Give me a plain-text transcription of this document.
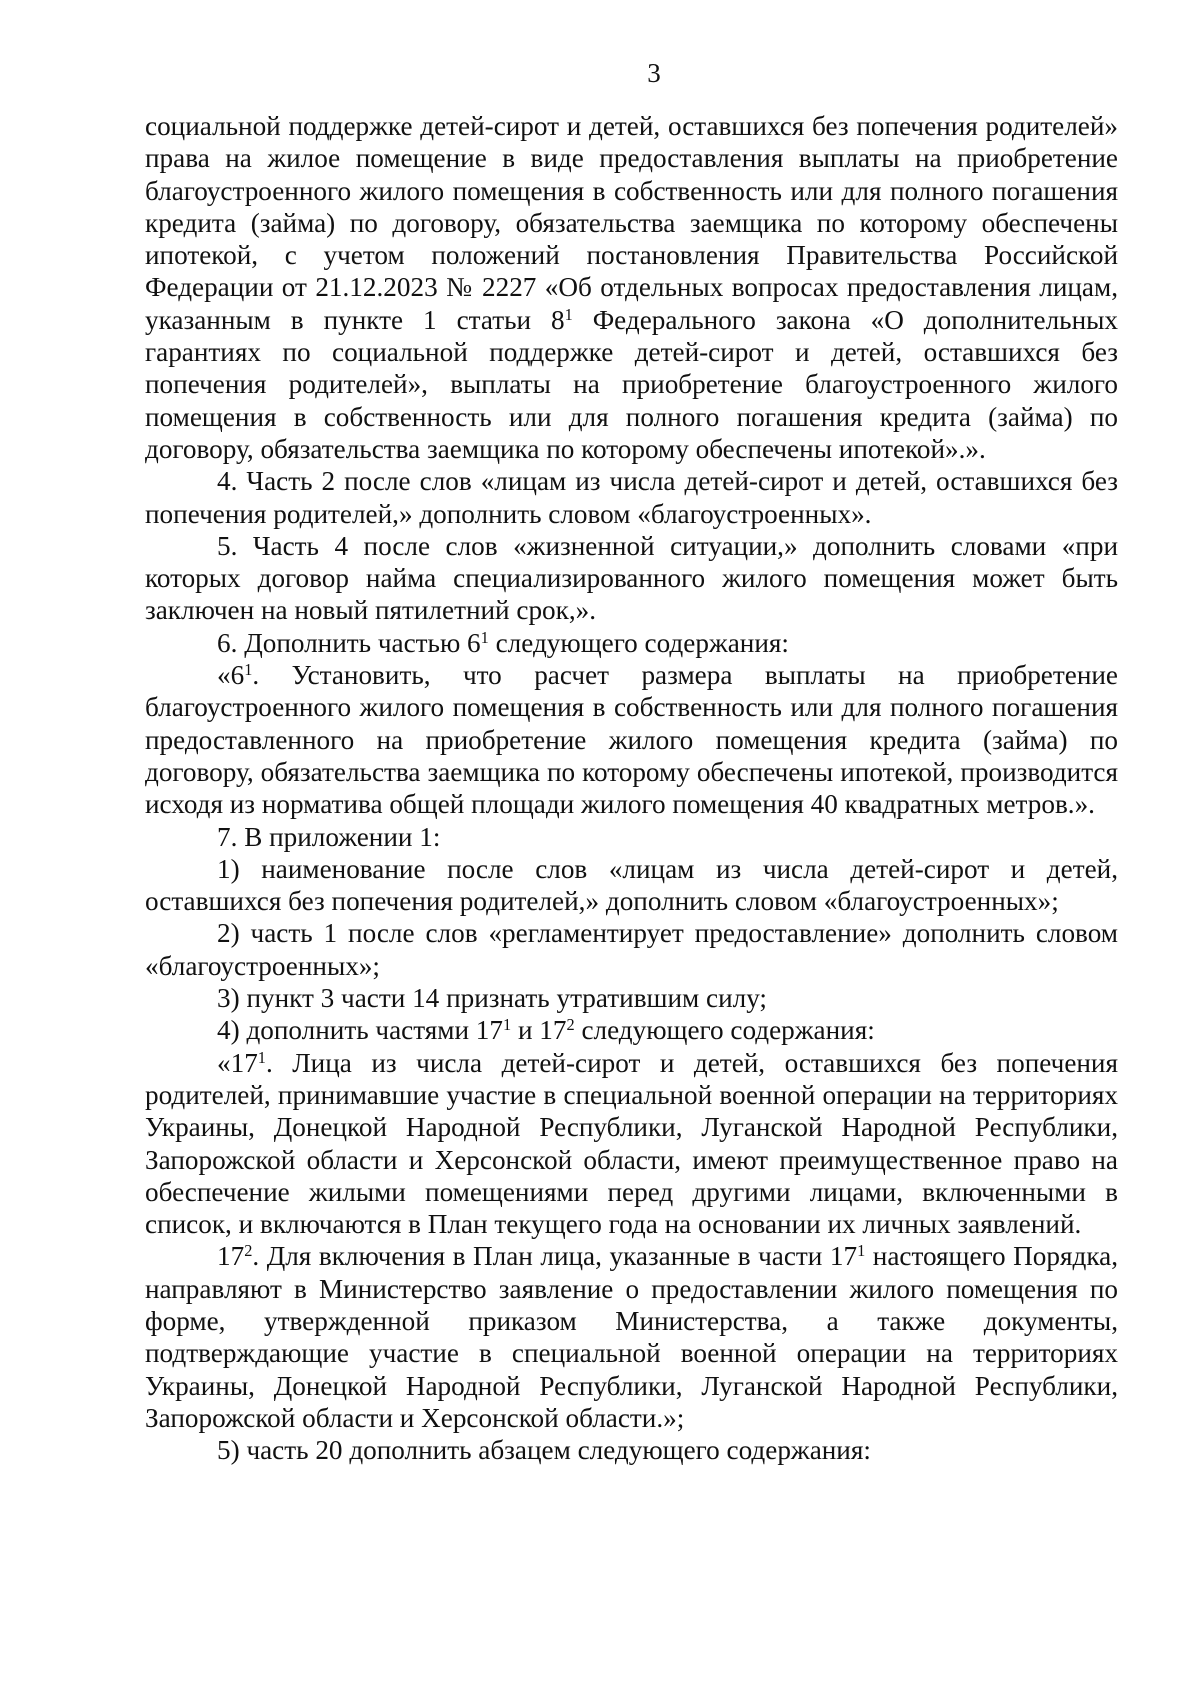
3

социальной поддержке детей-сирот и детей, оставшихся без попечения родителей» права на жилое помещение в виде предоставления выплаты на приобретение благоустроенного жилого помещения в собственность или для полного погашения кредита (займа) по договору, обязательства заемщика по которому обеспечены ипотекой, с учетом положений постановления Правительства Российской Федерации от 21.12.2023 № 2227 «Об отдельных вопросах предоставления лицам, указанным в пункте 1 статьи $8^1$ Федерального закона «О дополнительных гарантиях по социальной поддержке детей-сирот и детей, оставшихся без попечения родителей», выплаты на приобретение благоустроенного жилого помещения в собственность или для полного погашения кредита (займа) по договору, обязательства заемщика по которому обеспечены ипотекой».».

4. Часть 2 после слов «лицам из числа детей-сирот и детей, оставшихся без попечения родителей,» дополнить словом «благоустроенных».

5. Часть 4 после слов «жизненной ситуации,» дополнить словами «при которых договор найма специализированного жилого помещения может быть заключен на новый пятилетний срок,».

6. Дополнить частью $6^1$ следующего содержания:

«$6^1$. Установить, что расчет размера выплаты на приобретение благоустроенного жилого помещения в собственность или для полного погашения предоставленного на приобретение жилого помещения кредита (займа) по договору, обязательства заемщика по которому обеспечены ипотекой, производится исходя из норматива общей площади жилого помещения 40 квадратных метров.».

7. В приложении 1:

1) наименование после слов «лицам из числа детей-сирот и детей, оставшихся без попечения родителей,» дополнить словом «благоустроенных»;

2) часть 1 после слов «регламентирует предоставление» дополнить словом «благоустроенных»;

3) пункт 3 части 14 признать утратившим силу;

4) дополнить частями $17^1$ и $17^2$ следующего содержания:

«$17^1$. Лица из числа детей-сирот и детей, оставшихся без попечения родителей, принимавшие участие в специальной военной операции на территориях Украины, Донецкой Народной Республики, Луганской Народной Республики, Запорожской области и Херсонской области, имеют преимущественное право на обеспечение жилыми помещениями перед другими лицами, включенными в список, и включаются в План текущего года на основании их личных заявлений.

$17^2$. Для включения в План лица, указанные в части $17^1$ настоящего Порядка, направляют в Министерство заявление о предоставлении жилого помещения по форме, утвержденной приказом Министерства, а также документы, подтверждающие участие в специальной военной операции на территориях Украины, Донецкой Народной Республики, Луганской Народной Республики, Запорожской области и Херсонской области.»;

5) часть 20 дополнить абзацем следующего содержания:
